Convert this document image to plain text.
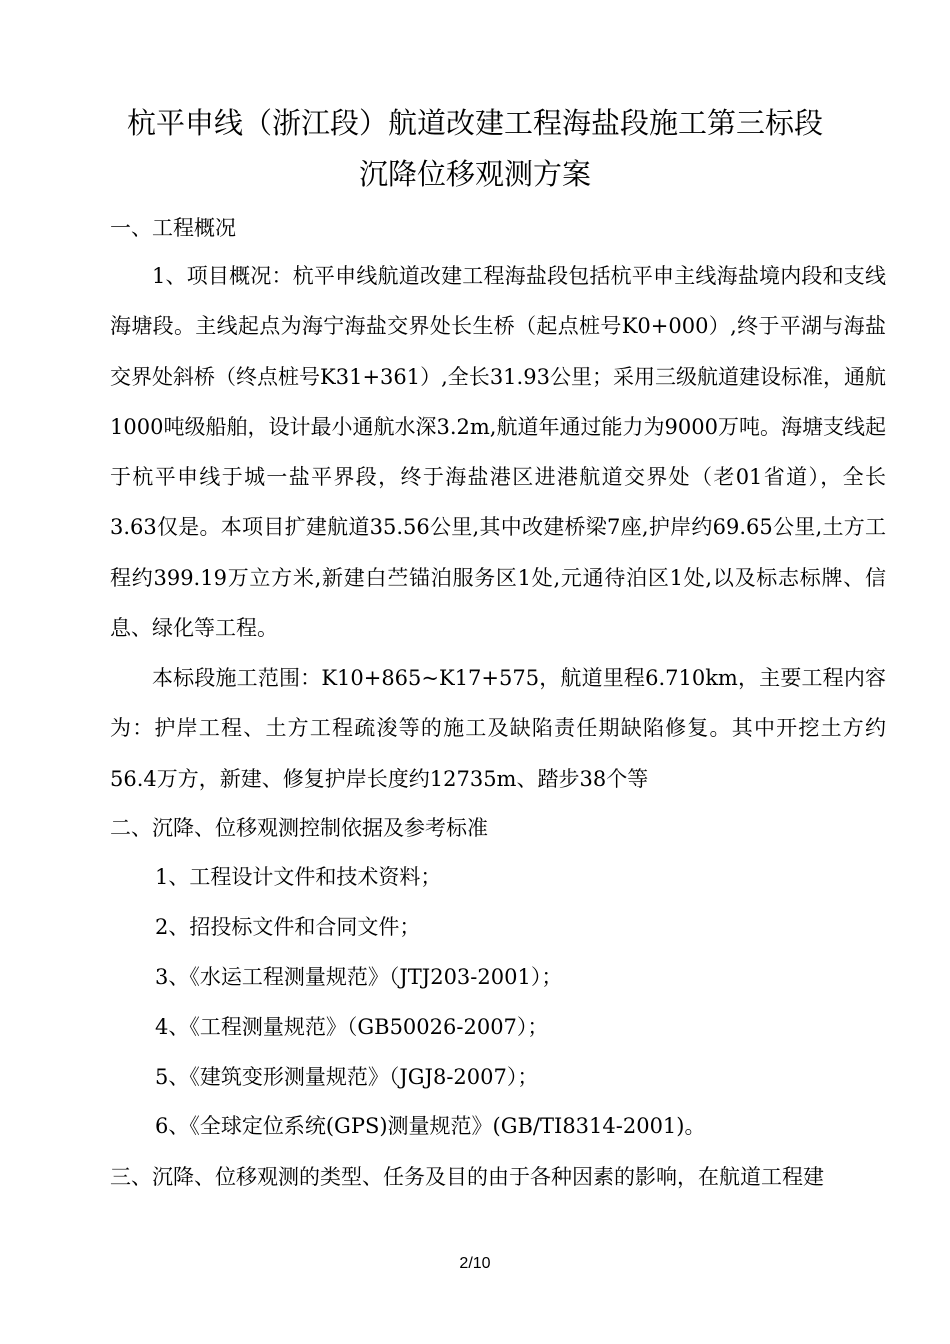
杭平申线（浙江段）航道改建工程海盐段施工第三标段
沉降位移观测方案
一、工程概况

1、项目概况：杭平申线航道改建工程海盐段包括杭平申主线海盐境内段和支线海塘段。主线起点为海宁海盐交界处长生桥（起点桩号K0+000）,终于平湖与海盐交界处斜桥（终点桩号K31+361）,全长31.93公里；采用三级航道建设标准，通航1000吨级船舶，设计最小通航水深3.2m,航道年通过能力为9000万吨。海塘支线起于杭平申线于城一盐平界段，终于海盐港区进港航道交界处（老01省道），全长3.63仅是。本项目扩建航道35.56公里,其中改建桥梁7座,护岸约69.65公里,土方工程约399.19万立方米,新建白苎锚泊服务区1处,元通待泊区1处,以及标志标牌、信息、绿化等工程。

本标段施工范围：K10+865~K17+575，航道里程6.710km，主要工程内容为：护岸工程、土方工程疏浚等的施工及缺陷责任期缺陷修复。其中开挖土方约56.4万方，新建、修复护岸长度约12735m、踏步38个等

二、沉降、位移观测控制依据及参考标准
1、工程设计文件和技术资料；
2、招投标文件和合同文件；
3、《水运工程测量规范》（JTJ203-2001）；
4、《工程测量规范》（GB50026-2007）；
5、《建筑变形测量规范》（JGJ8-2007）；
6、《全球定位系统(GPS)测量规范》(GB/TI8314-2001)。
三、沉降、位移观测的类型、任务及目的由于各种因素的影响，在航道工程建
2/10
